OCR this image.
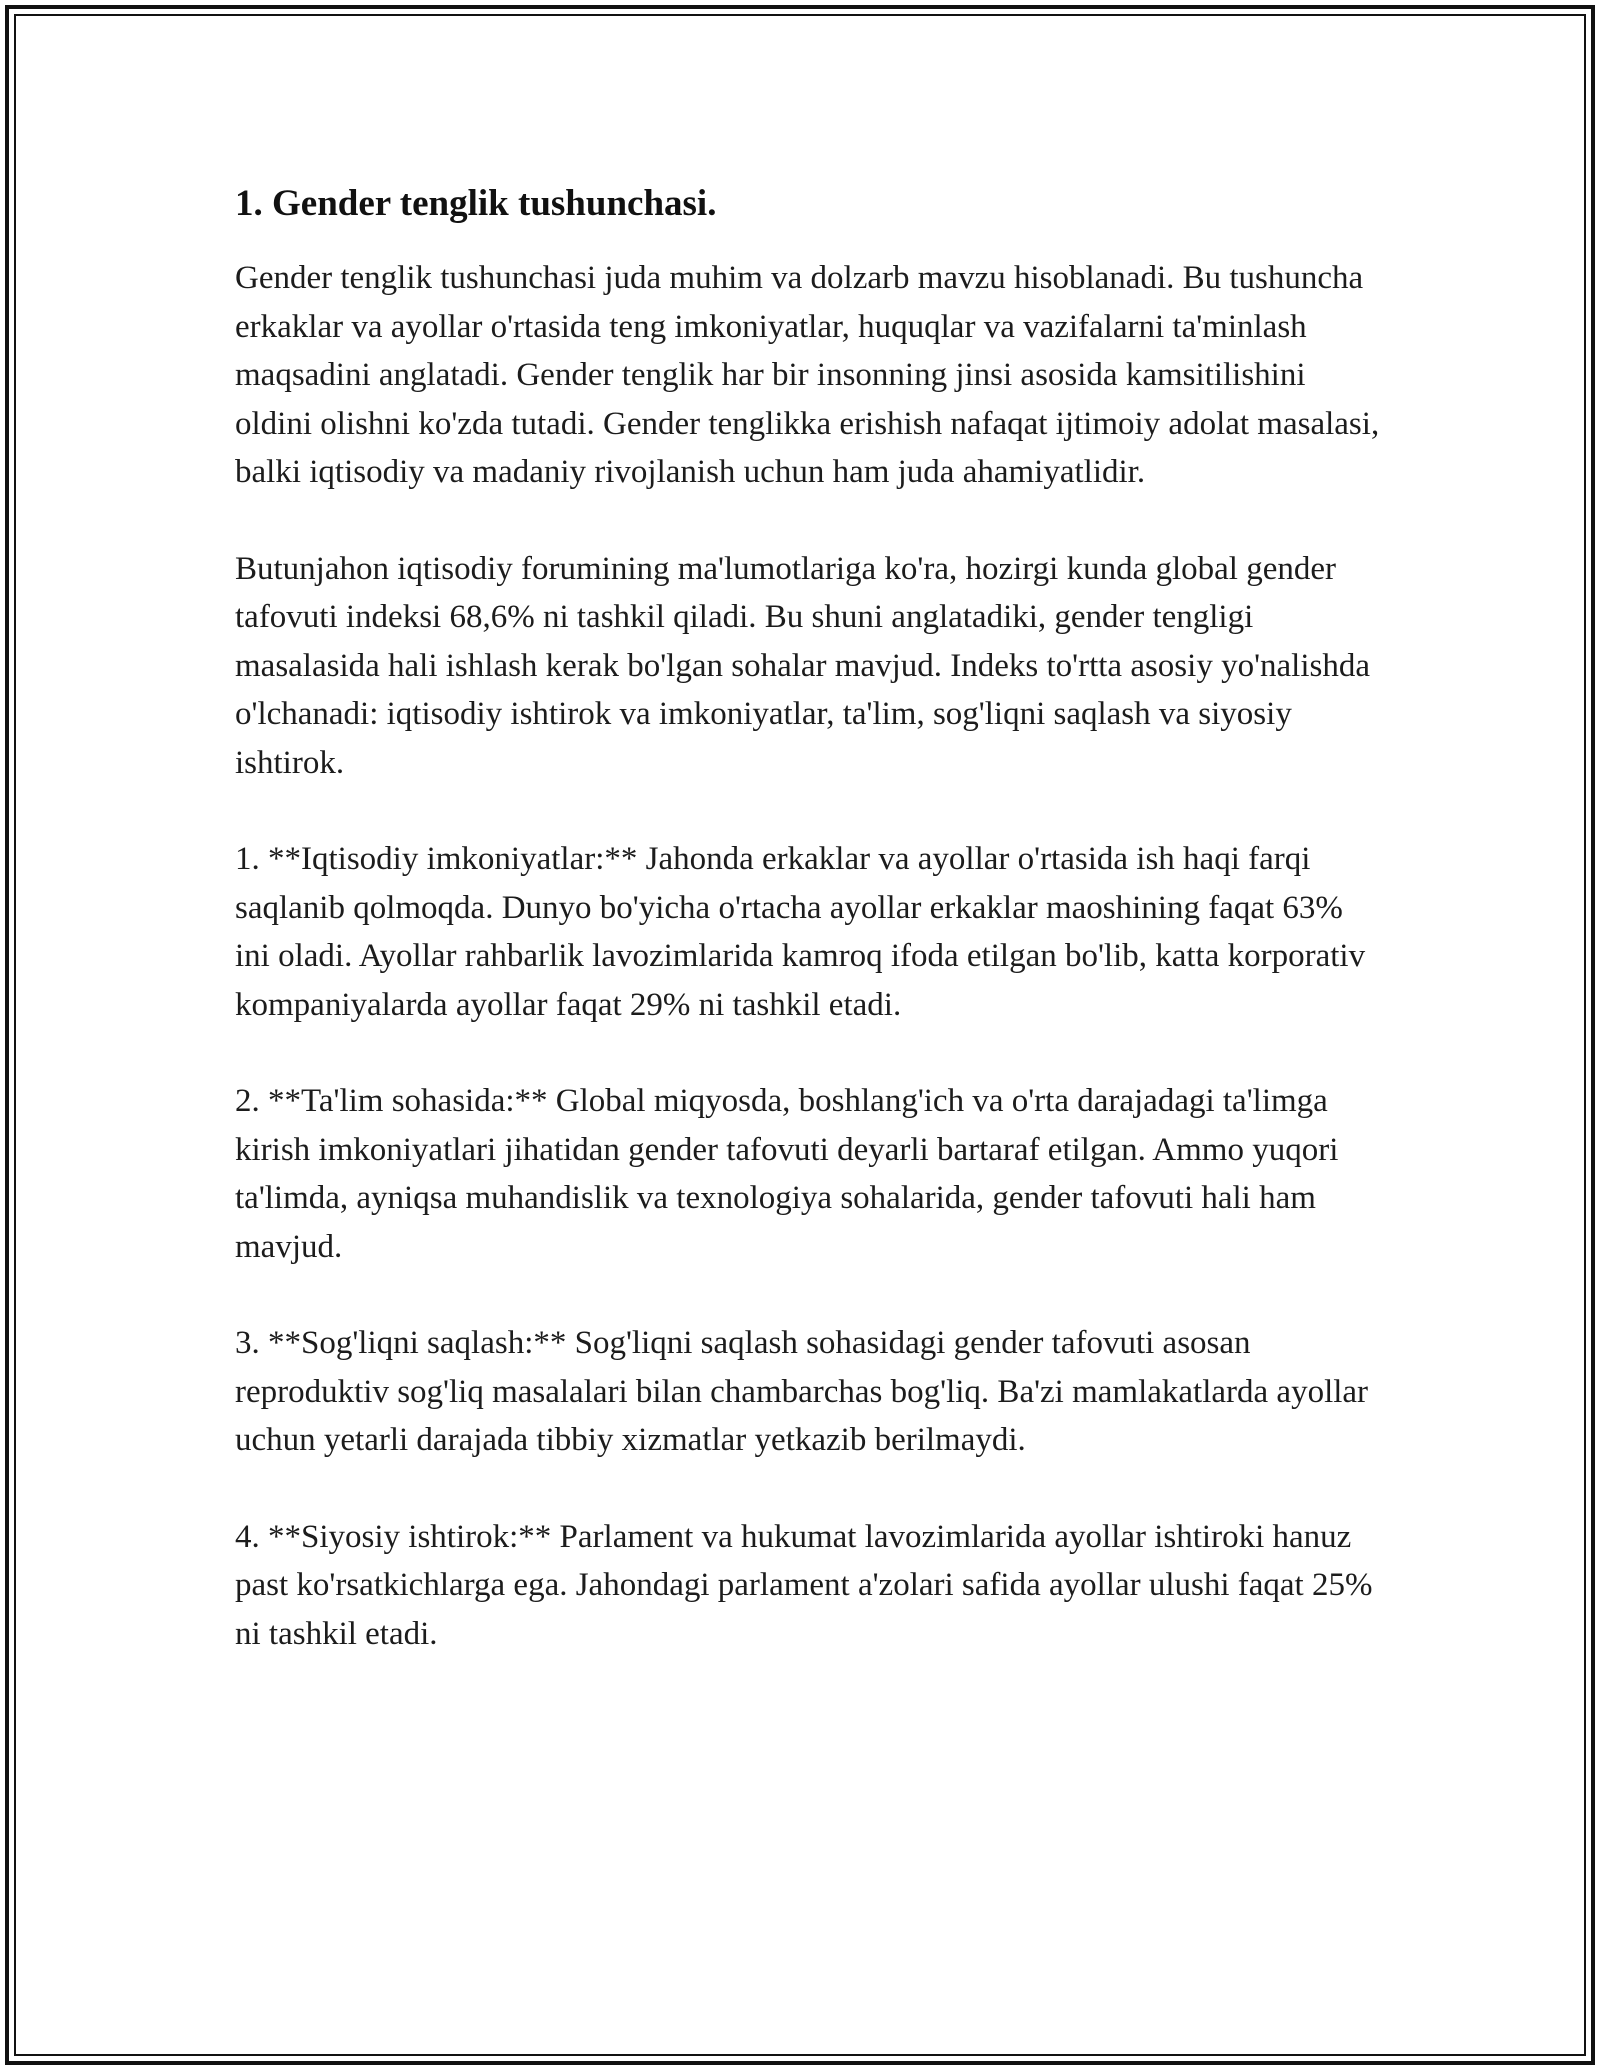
1. Gender tenglik tushunchasi.

Gender tenglik tushunchasi juda muhim va dolzarb mavzu hisoblanadi. Bu tushuncha erkaklar va ayollar o'rtasida teng imkoniyatlar, huquqlar va vazifalarni ta'minlash maqsadini anglatadi. Gender tenglik har bir insonning jinsi asosida kamsitilishini oldini olishni ko'zda tutadi. Gender tenglikka erishish nafaqat ijtimoiy adolat masalasi, balki iqtisodiy va madaniy rivojlanish uchun ham juda ahamiyatlidir.

Butunjahon iqtisodiy forumining ma'lumotlariga ko'ra, hozirgi kunda global gender tafovuti indeksi 68,6% ni tashkil qiladi. Bu shuni anglatadiki, gender tengligi masalasida hali ishlash kerak bo'lgan sohalar mavjud. Indeks to'rtta asosiy yo'nalishda o'lchanadi: iqtisodiy ishtirok va imkoniyatlar, ta'lim, sog'liqni saqlash va siyosiy ishtirok.

1. **Iqtisodiy imkoniyatlar:** Jahonda erkaklar va ayollar o'rtasida ish haqi farqi saqlanib qolmoqda. Dunyo bo'yicha o'rtacha ayollar erkaklar maoshining faqat 63% ini oladi. Ayollar rahbarlik lavozimlarida kamroq ifoda etilgan bo'lib, katta korporativ kompaniyalarda ayollar faqat 29% ni tashkil etadi.

2. **Ta'lim sohasida:** Global miqyosda, boshlang'ich va o'rta darajadagi ta'limga kirish imkoniyatlari jihatidan gender tafovuti deyarli bartaraf etilgan. Ammo yuqori ta'limda, ayniqsa muhandislik va texnologiya sohalarida, gender tafovuti hali ham mavjud.

3. **Sog'liqni saqlash:** Sog'liqni saqlash sohasidagi gender tafovuti asosan reproduktiv sog'liq masalalari bilan chambarchas bog'liq. Ba'zi mamlakatlarda ayollar uchun yetarli darajada tibbiy xizmatlar yetkazib berilmaydi.

4. **Siyosiy ishtirok:** Parlament va hukumat lavozimlarida ayollar ishtiroki hanuz past ko'rsatkichlarga ega. Jahondagi parlament a'zolari safida ayollar ulushi faqat 25% ni tashkil etadi.
